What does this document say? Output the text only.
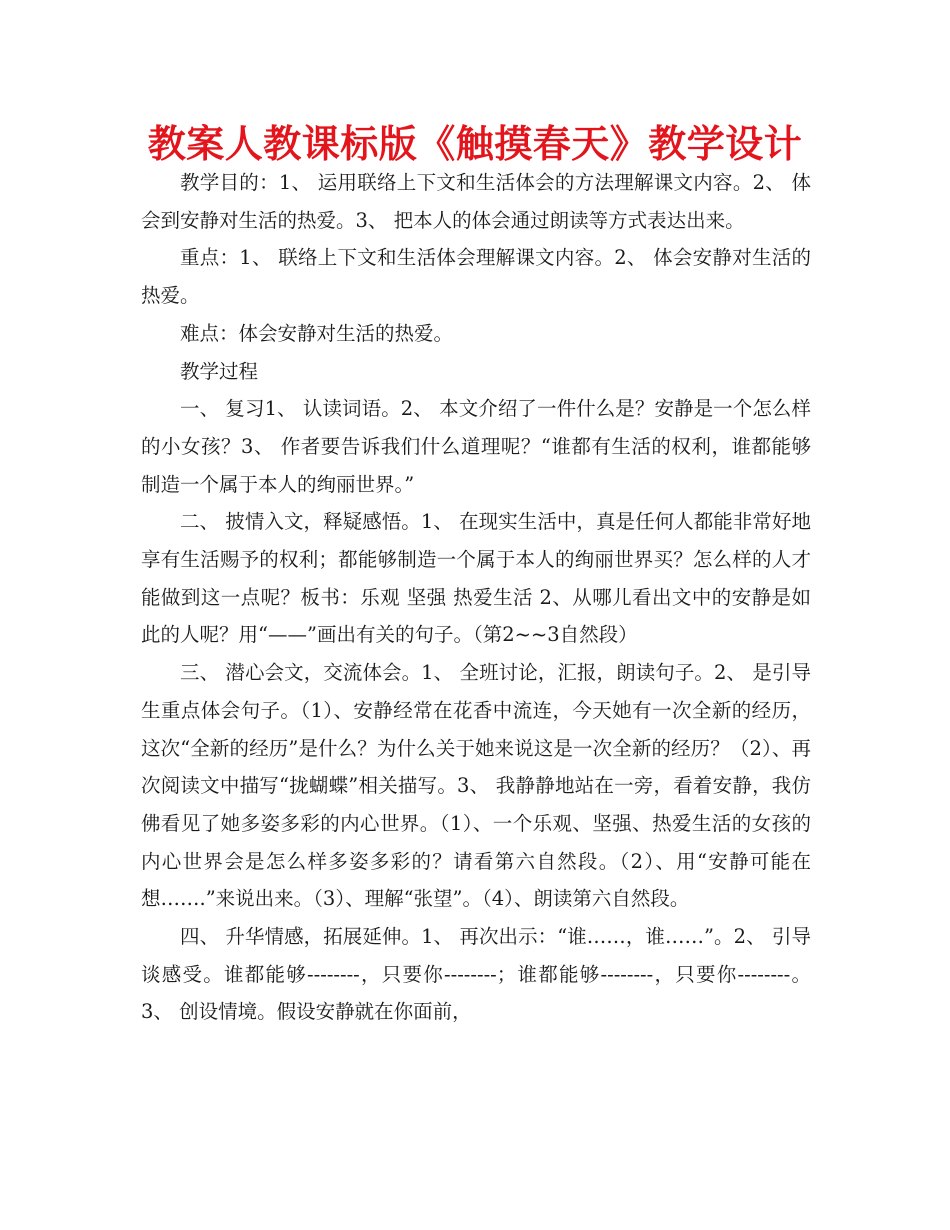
教案人教课标版《触摸春天》教学设计

教学目的：1、 运用联络上下文和生活体会的方法理解课文内容。2、 体会到安静对生活的热爱。3、 把本人的体会通过朗读等方式表达出来。

重点：1、 联络上下文和生活体会理解课文内容。2、 体会安静对生活的热爱。

难点：体会安静对生活的热爱。

教学过程

一、 复习1、 认读词语。2、 本文介绍了一件什么是？安静是一个怎么样的小女孩？3、 作者要告诉我们什么道理呢？“谁都有生活的权利，谁都能够制造一个属于本人的绚丽世界。”

二、 披情入文，释疑感悟。1、 在现实生活中，真是任何人都能非常好地享有生活赐予的权利；都能够制造一个属于本人的绚丽世界买？怎么样的人才能做到这一点呢？板书：乐观 坚强 热爱生活 2、从哪儿看出文中的安静是如此的人呢？用“——”画出有关的句子。（第2~~3自然段）

三、 潜心会文，交流体会。1、 全班讨论，汇报，朗读句子。2、 是引导生重点体会句子。（1）、安静经常在花香中流连，今天她有一次全新的经历，这次“全新的经历”是什么？为什么关于她来说这是一次全新的经历？（2）、再次阅读文中描写“拢蝴蝶”相关描写。3、 我静静地站在一旁，看着安静，我仿佛看见了她多姿多彩的内心世界。（1）、一个乐观、坚强、热爱生活的女孩的内心世界会是怎么样多姿多彩的？请看第六自然段。（2）、用“安静可能在想…….”来说出来。（3）、理解“张望”。（4）、朗读第六自然段。

四、 升华情感，拓展延伸。1、 再次出示：“谁……，谁……”。2、 引导谈感受。谁都能够--------，只要你--------；谁都能够--------，只要你--------。3、 创设情境。假设安静就在你面前，
